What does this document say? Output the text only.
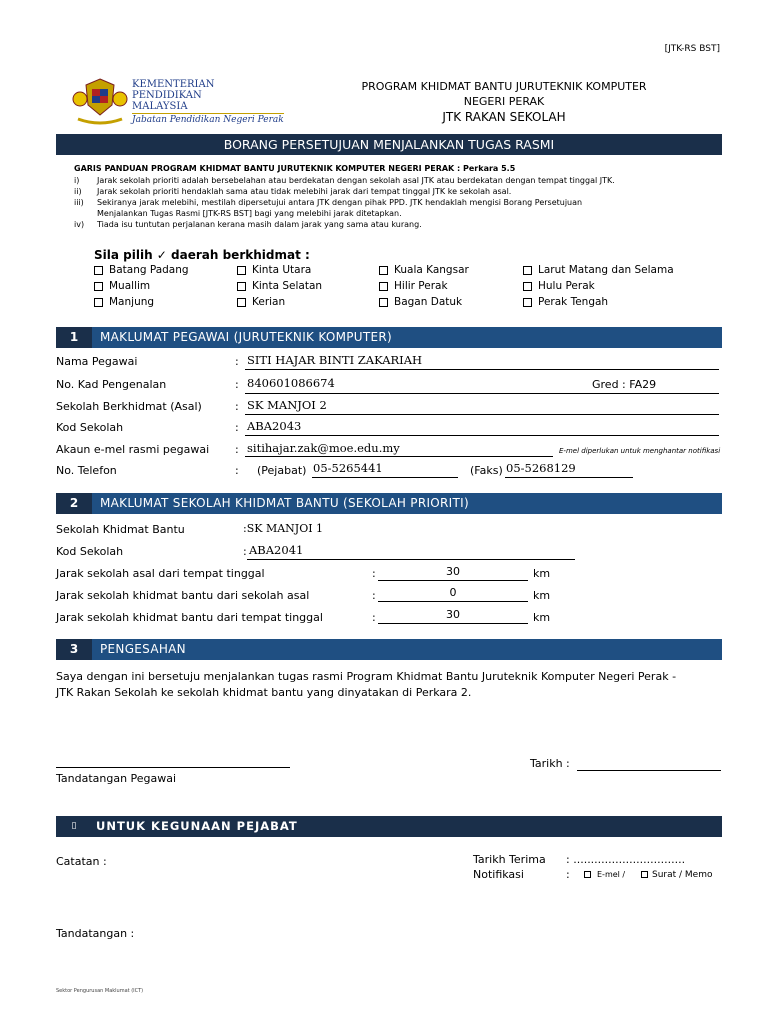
[JTK-RS BST]
KEMENTERIAN
PENDIDIKAN
MALAYSIA
Jabatan Pendidikan Negeri Perak
PROGRAM KHIDMAT BANTU JURUTEKNIK KOMPUTER
NEGERI PERAK
JTK RAKAN SEKOLAH
BORANG PERSETUJUAN MENJALANKAN TUGAS RASMI
GARIS PANDUAN PROGRAM KHIDMAT BANTU JURUTEKNIK KOMPUTER NEGERI PERAK : Perkara 5.5
i) Jarak sekolah prioriti adalah bersebelahan atau berdekatan dengan sekolah asal JTK atau berdekatan dengan tempat tinggal JTK.
ii) Jarak sekolah prioriti hendaklah sama atau tidak melebihi jarak dari tempat tinggal JTK ke sekolah asal.
iii) Sekiranya jarak melebihi, mestilah dipersetujui antara JTK dengan pihak PPD. JTK hendaklah mengisi Borang Persetujuan
Menjalankan Tugas Rasmi [JTK-RS BST] bagi yang melebihi jarak ditetapkan.
iv) Tiada isu tuntutan perjalanan kerana masih dalam jarak yang sama atau kurang.
Sila pilih ✓ daerah berkhidmat :
Batang Padang	Kinta Utara	Kuala Kangsar	Larut Matang dan Selama
Muallim	Kinta Selatan	Hilir Perak	Hulu Perak
Manjung	Kerian	Bagan Datuk	Perak Tengah
1	MAKLUMAT PEGAWAI (JURUTEKNIK KOMPUTER)
Nama Pegawai	: SITI HAJAR BINTI ZAKARIAH
No. Kad Pengenalan	: 840601086674	Gred : FA29
Sekolah Berkhidmat (Asal)	: SK MANJOI 2
Kod Sekolah	: ABA2043
Akaun e-mel rasmi pegawai : sitihajar.zak@moe.edu.my	E-mel diperlukan untuk menghantar notifikasi
No. Telefon	: (Pejabat) 05-5265441	(Faks) 05-5268129
2	MAKLUMAT SEKOLAH KHIDMAT BANTU (SEKOLAH PRIORITI)
Sekolah Khidmat Bantu	:SK MANJOI 1
Kod Sekolah	: ABA2041
Jarak sekolah asal dari tempat tinggal	:	30	km
Jarak sekolah khidmat bantu dari sekolah asal	:	0	km
Jarak sekolah khidmat bantu dari tempat tinggal	:	30	km
3	PENGESAHAN
Saya dengan ini bersetuju menjalankan tugas rasmi Program Khidmat Bantu Juruteknik Komputer Negeri Perak -
JTK Rakan Sekolah ke sekolah khidmat bantu yang dinyatakan di Perkara 2.
Tandatangan Pegawai
Tarikh :
▯	UNTUK KEGUNAAN PEJABAT
Catatan :	Tarikh Terima : ................................
Notifikasi	:	E-mel /	Surat / Memo
Tandatangan :
Sektor Pengurusan Maklumat (ICT)
